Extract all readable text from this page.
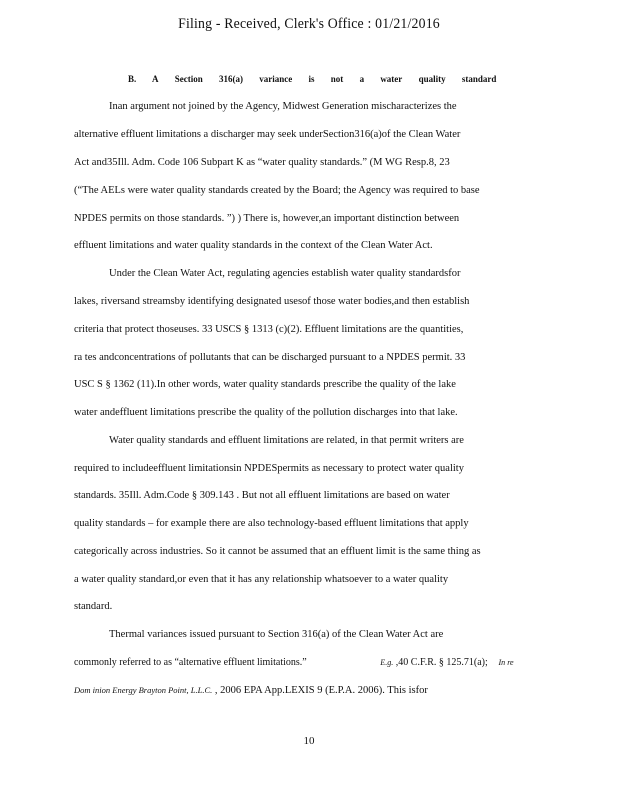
Filing - Received, Clerk's Office : 01/21/2016
B. A Section 316(a) variance is not a water quality standard
Inan argument not joined by the Agency, Midwest Generation mischaracterizes the
alternative effluent limitations a discharger may seek underSection316(a)of the Clean Water
Act and35Ill. Adm. Code 106 Subpart K as “water quality standards.” (M WG Resp.8, 23
(“The AELs were water quality standards created by the Board; the Agency was required to base
NPDES permits on those standards. ”) ) There is, however,an important distinction between
effluent limitations and water quality standards in the context of the Clean Water Act.
Under the Clean Water Act, regulating agencies establish water quality standardsfor
lakes, riversand streamsby identifying designated usesof those water bodies,and then establish
criteria that protect thoseuses. 33 USCS § 1313 (c)(2). Effluent limitations are the quantities,
ra tes andconcentrations of pollutants that can be discharged pursuant to a NPDES permit. 33
USC S § 1362 (11).In other words, water quality standards prescribe the quality of the lake
water andeffluent limitations prescribe the quality of the pollution discharges into that lake.
Water quality standards and effluent limitations are related, in that permit writers are
required to includeeffluent limitationsin NPDESpermits as necessary to protect water quality
standards. 35Ill. Adm.Code § 309.143 . But not all effluent limitations are based on water
quality standards – for example there are also technology-based effluent limitations that apply
categorically across industries. So it cannot be assumed that an effluent limit is the same thing as
a water quality standard,or even that it has any relationship whatsoever to a water quality
standard.
Thermal variances issued pursuant to Section 316(a) of the Clean Water Act are
commonly referred to as “alternative effluent limitations.”	E.g. ,40 C.F.R. § 125.71(a); In re
Dom inion Energy Brayton Point, L.L.C. , 2006 EPA App.LEXIS 9 (E.P.A. 2006). This isfor
10
